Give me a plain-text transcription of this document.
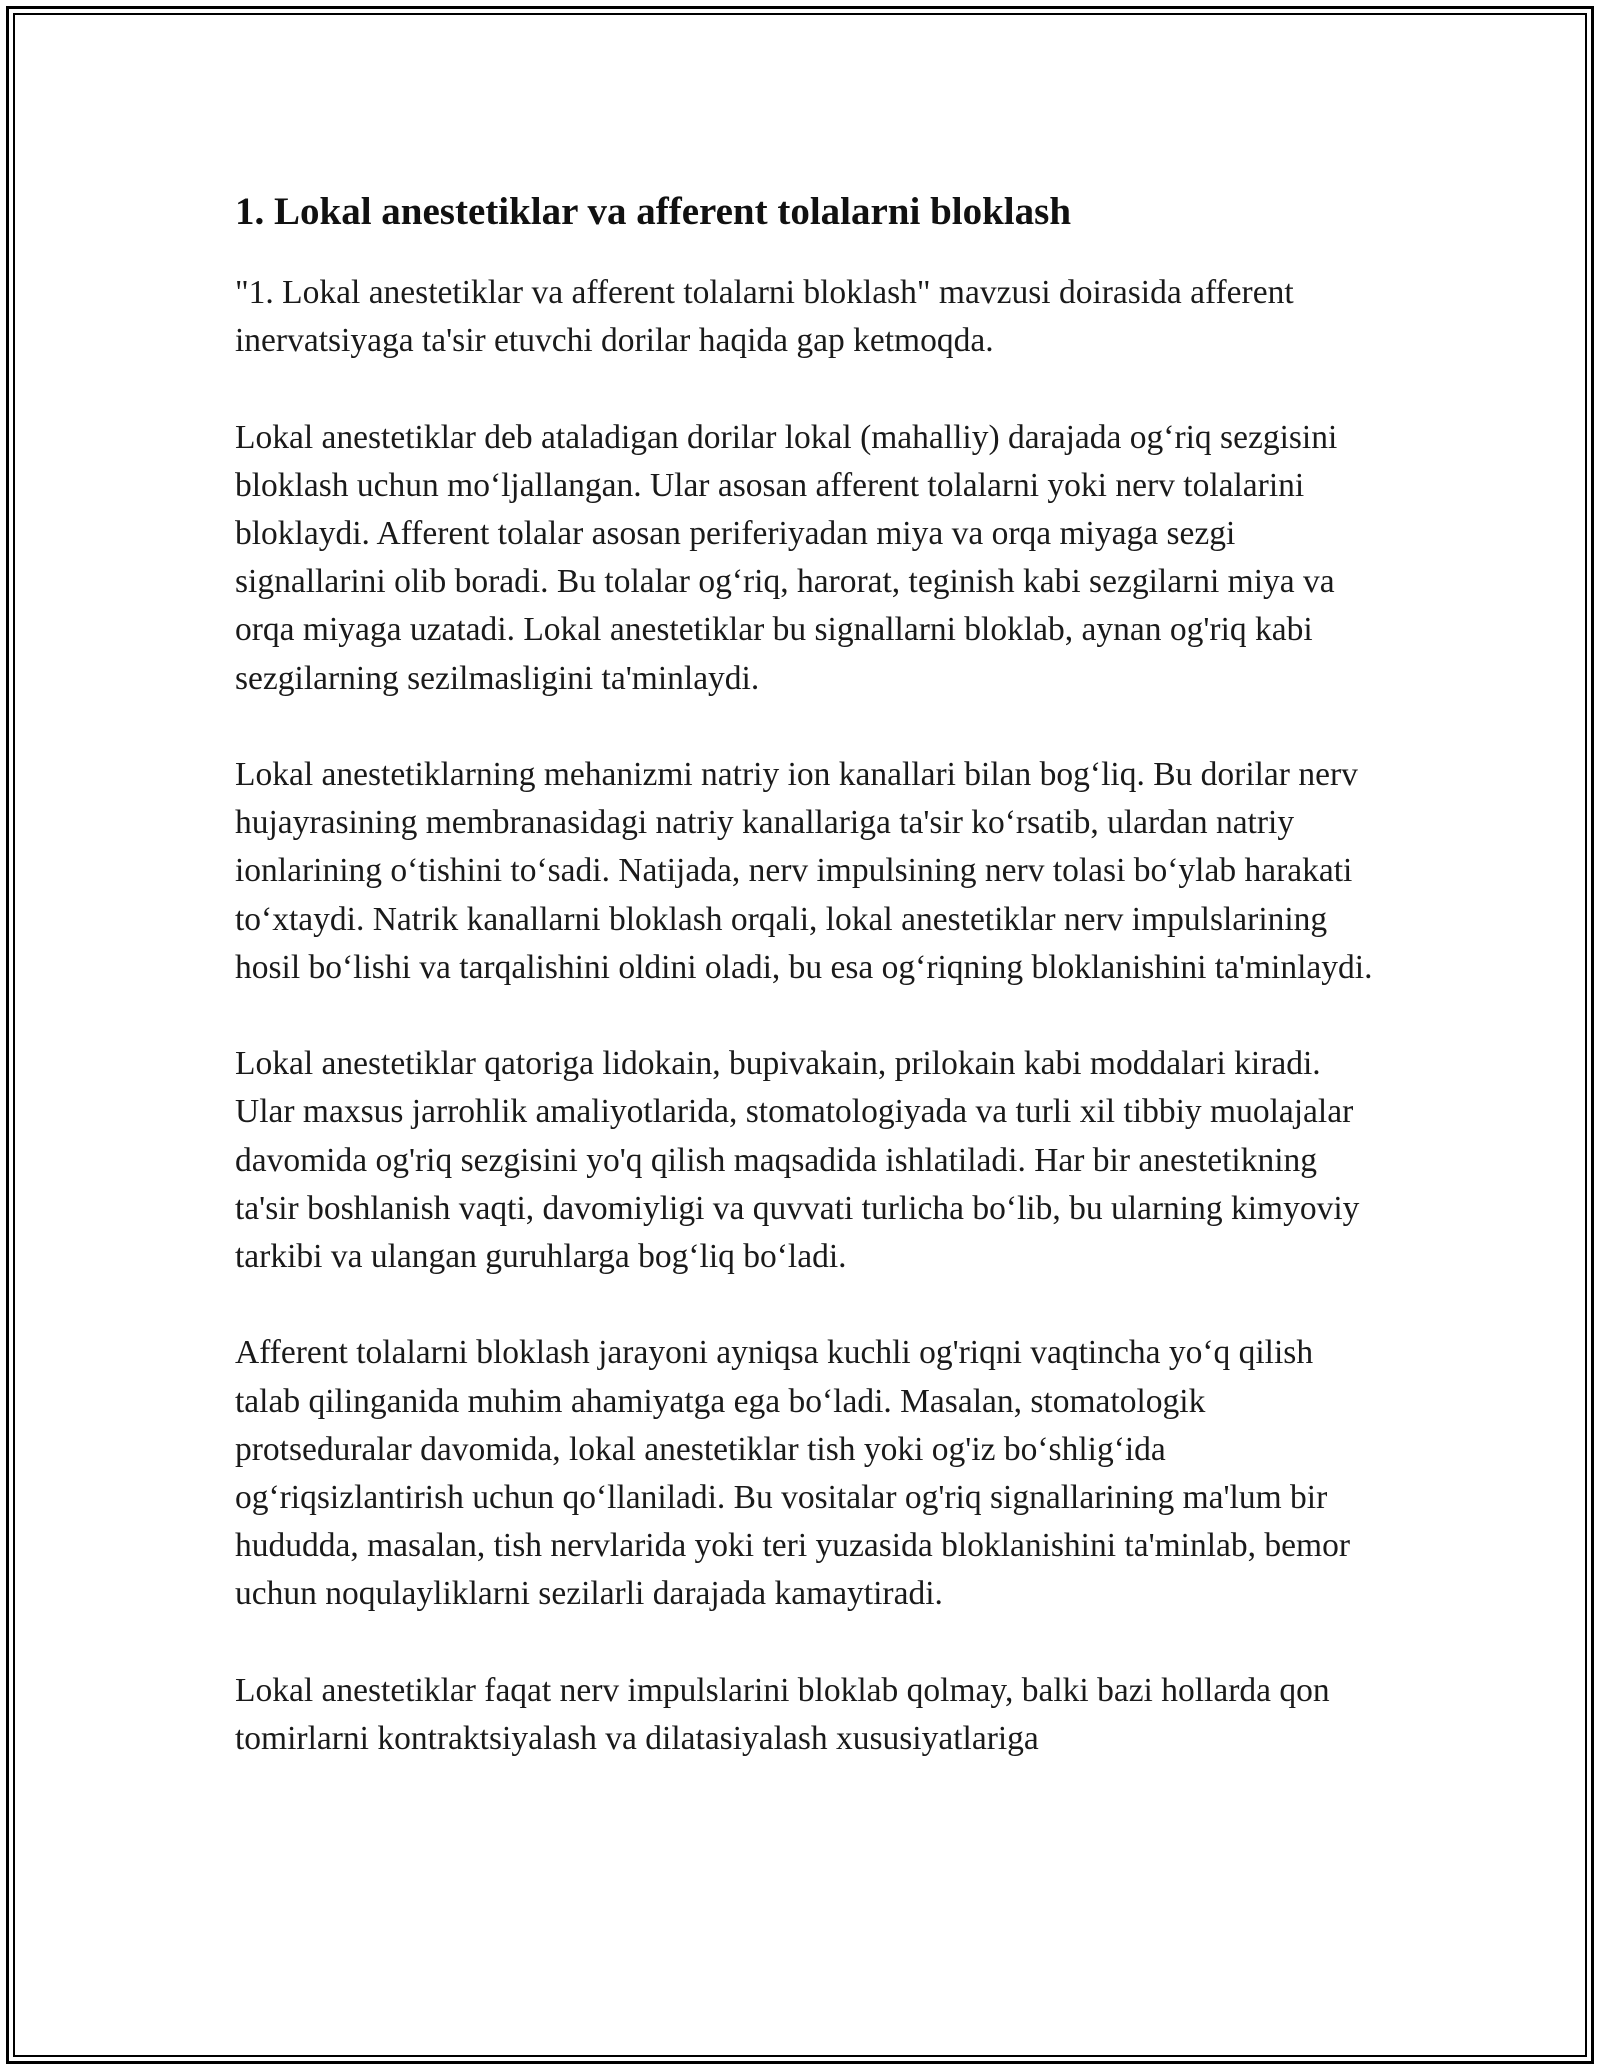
1. Lokal anestetiklar va afferent tolalarni bloklash

"1. Lokal anestetiklar va afferent tolalarni bloklash" mavzusi doirasida afferent inervatsiyaga ta'sir etuvchi dorilar haqida gap ketmoqda.

Lokal anestetiklar deb ataladigan dorilar lokal (mahalliy) darajada og‘riq sezgisini bloklash uchun mo‘ljallangan. Ular asosan afferent tolalarni yoki nerv tolalarini bloklaydi. Afferent tolalar asosan periferiyadan miya va orqa miyaga sezgi signallarini olib boradi. Bu tolalar og‘riq, harorat, teginish kabi sezgilarni miya va orqa miyaga uzatadi. Lokal anestetiklar bu signallarni bloklab, aynan og'riq kabi sezgilarning sezilmasligini ta'minlaydi.

Lokal anestetiklarning mehanizmi natriy ion kanallari bilan bog‘liq. Bu dorilar nerv hujayrasining membranasidagi natriy kanallariga ta'sir ko‘rsatib, ulardan natriy ionlarining o‘tishini to‘sadi. Natijada, nerv impulsining nerv tolasi bo‘ylab harakati to‘xtaydi. Natrik kanallarni bloklash orqali, lokal anestetiklar nerv impulslarining hosil bo‘lishi va tarqalishini oldini oladi, bu esa og‘riqning bloklanishini ta'minlaydi.

Lokal anestetiklar qatoriga lidokain, bupivakain, prilokain kabi moddalari kiradi. Ular maxsus jarrohlik amaliyotlarida, stomatologiyada va turli xil tibbiy muolajalar davomida og'riq sezgisini yo'q qilish maqsadida ishlatiladi. Har bir anestetikning ta'sir boshlanish vaqti, davomiyligi va quvvati turlicha bo‘lib, bu ularning kimyoviy tarkibi va ulangan guruhlarga bog‘liq bo‘ladi.

Afferent tolalarni bloklash jarayoni ayniqsa kuchli og'riqni vaqtincha yo‘q qilish talab qilinganida muhim ahamiyatga ega bo‘ladi. Masalan, stomatologik protseduralar davomida, lokal anestetiklar tish yoki og'iz bo‘shlig‘ida og‘riqsizlantirish uchun qo‘llaniladi. Bu vositalar og'riq signallarining ma'lum bir hududda, masalan, tish nervlarida yoki teri yuzasida bloklanishini ta'minlab, bemor uchun noqulayliklarni sezilarli darajada kamaytiradi.

Lokal anestetiklar faqat nerv impulslarini bloklab qolmay, balki bazi hollarda qon tomirlarni kontraktsiyalash va dilatasiyalash xususiyatlariga
